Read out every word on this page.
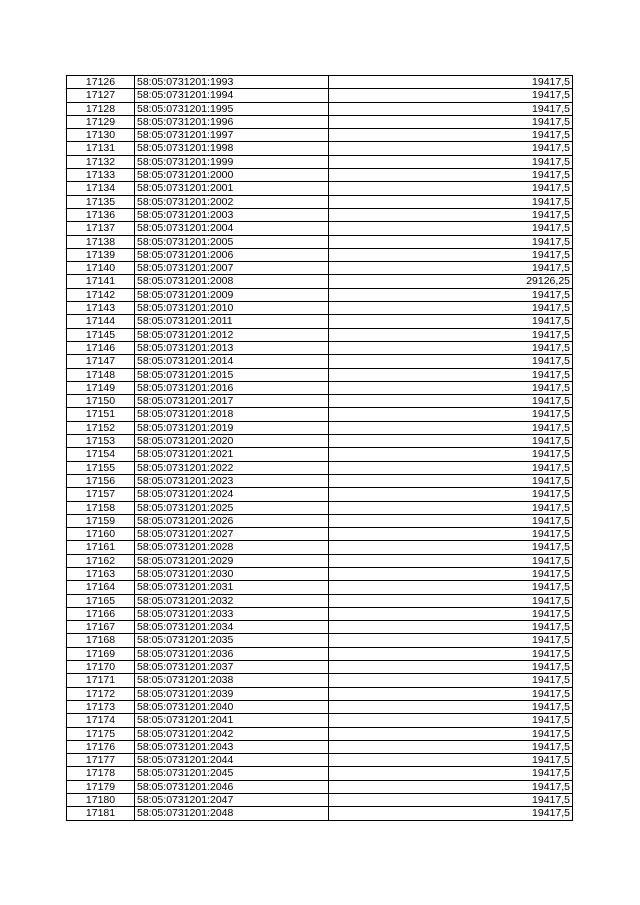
17126	58:05:0731201:1993	19417,5
17127	58:05:0731201:1994	19417,5
17128	58:05:0731201:1995	19417,5
17129	58:05:0731201:1996	19417,5
17130	58:05:0731201:1997	19417,5
17131	58:05:0731201:1998	19417,5
17132	58:05:0731201:1999	19417,5
17133	58:05:0731201:2000	19417,5
17134	58:05:0731201:2001	19417,5
17135	58:05:0731201:2002	19417,5
17136	58:05:0731201:2003	19417,5
17137	58:05:0731201:2004	19417,5
17138	58:05:0731201:2005	19417,5
17139	58:05:0731201:2006	19417,5
17140	58:05:0731201:2007	19417,5
17141	58:05:0731201:2008	29126,25
17142	58:05:0731201:2009	19417,5
17143	58:05:0731201:2010	19417,5
17144	58:05:0731201:2011	19417,5
17145	58:05:0731201:2012	19417,5
17146	58:05:0731201:2013	19417,5
17147	58:05:0731201:2014	19417,5
17148	58:05:0731201:2015	19417,5
17149	58:05:0731201:2016	19417,5
17150	58:05:0731201:2017	19417,5
17151	58:05:0731201:2018	19417,5
17152	58:05:0731201:2019	19417,5
17153	58:05:0731201:2020	19417,5
17154	58:05:0731201:2021	19417,5
17155	58:05:0731201:2022	19417,5
17156	58:05:0731201:2023	19417,5
17157	58:05:0731201:2024	19417,5
17158	58:05:0731201:2025	19417,5
17159	58:05:0731201:2026	19417,5
17160	58:05:0731201:2027	19417,5
17161	58:05:0731201:2028	19417,5
17162	58:05:0731201:2029	19417,5
17163	58:05:0731201:2030	19417,5
17164	58:05:0731201:2031	19417,5
17165	58:05:0731201:2032	19417,5
17166	58:05:0731201:2033	19417,5
17167	58:05:0731201:2034	19417,5
17168	58:05:0731201:2035	19417,5
17169	58:05:0731201:2036	19417,5
17170	58:05:0731201:2037	19417,5
17171	58:05:0731201:2038	19417,5
17172	58:05:0731201:2039	19417,5
17173	58:05:0731201:2040	19417,5
17174	58:05:0731201:2041	19417,5
17175	58:05:0731201:2042	19417,5
17176	58:05:0731201:2043	19417,5
17177	58:05:0731201:2044	19417,5
17178	58:05:0731201:2045	19417,5
17179	58:05:0731201:2046	19417,5
17180	58:05:0731201:2047	19417,5
17181	58:05:0731201:2048	19417,5
